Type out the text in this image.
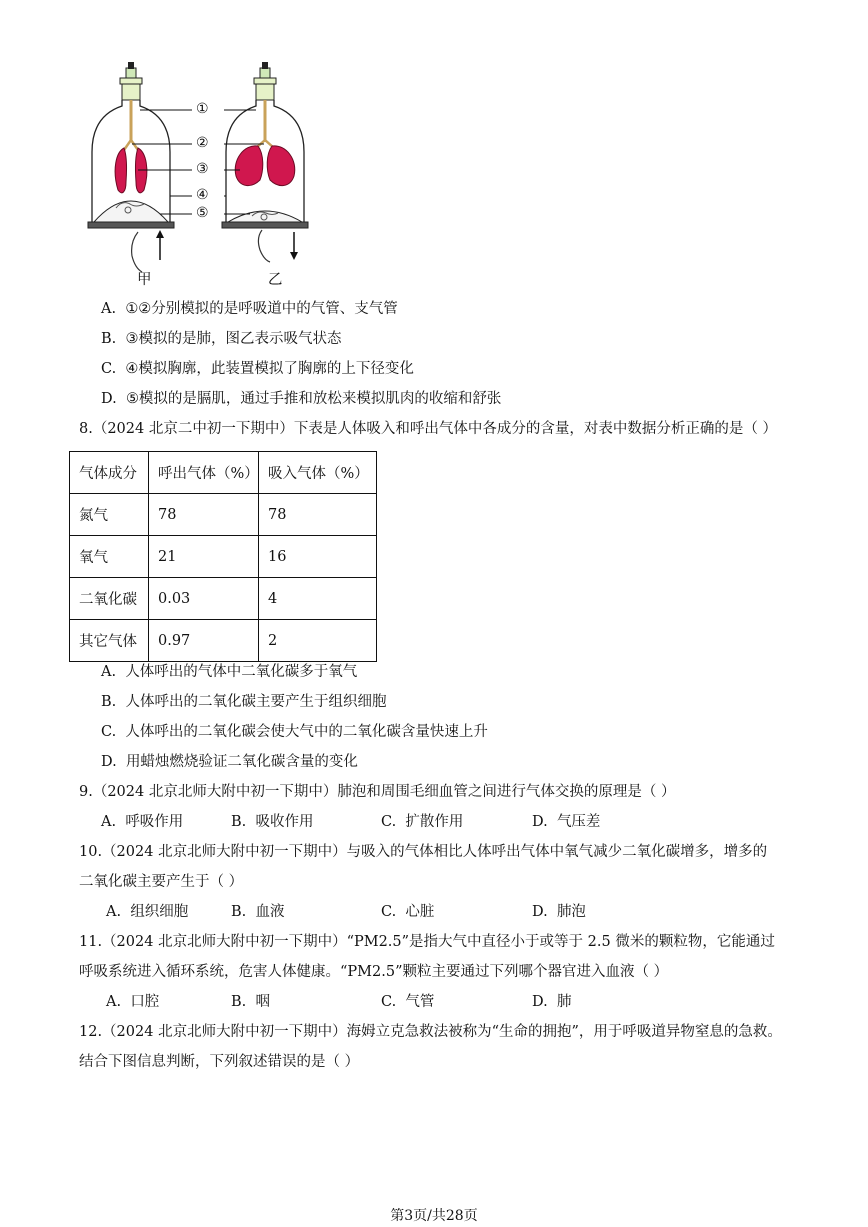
①
②
③
④
⑤
甲	乙
A. ①②分别模拟的是呼吸道中的气管、支气管
B. ③模拟的是肺，图乙表示吸气状态
C. ④模拟胸廓，此装置模拟了胸廓的上下径变化
D. ⑤模拟的是膈肌，通过手推和放松来模拟肌肉的收缩和舒张
8.（2024 北京二中初一下期中）下表是人体吸入和呼出气体中各成分的含量，对表中数据分析正确的是（ ）
气体成分	呼出气体（%）	吸入气体（%）
氮气	78	78
氧气	21	16
二氧化碳	0.03	4
其它气体	0.97	2
A. 人体呼出的气体中二氧化碳多于氧气
B. 人体呼出的二氧化碳主要产生于组织细胞
C. 人体呼出的二氧化碳会使大气中的二氧化碳含量快速上升
D. 用蜡烛燃烧验证二氧化碳含量的变化
9.（2024 北京北师大附中初一下期中）肺泡和周围毛细血管之间进行气体交换的原理是（ ）
A. 呼吸作用	B. 吸收作用	C. 扩散作用	D. 气压差
10.（2024 北京北师大附中初一下期中）与吸入的气体相比人体呼出气体中氧气减少二氧化碳增多，增多的
二氧化碳主要产生于（ ）
A. 组织细胞	B. 血液	C. 心脏	D. 肺泡
11.（2024 北京北师大附中初一下期中）“PM2.5”是指大气中直径小于或等于 2.5 微米的颗粒物，它能通过
呼吸系统进入循环系统，危害人体健康。“PM2.5”颗粒主要通过下列哪个器官进入血液（ ）
A. 口腔	B. 咽	C. 气管	D. 肺
12.（2024 北京北师大附中初一下期中）海姆立克急救法被称为“生命的拥抱”，用于呼吸道异物窒息的急救。
结合下图信息判断，下列叙述错误的是（ ）
第3页/共28页
